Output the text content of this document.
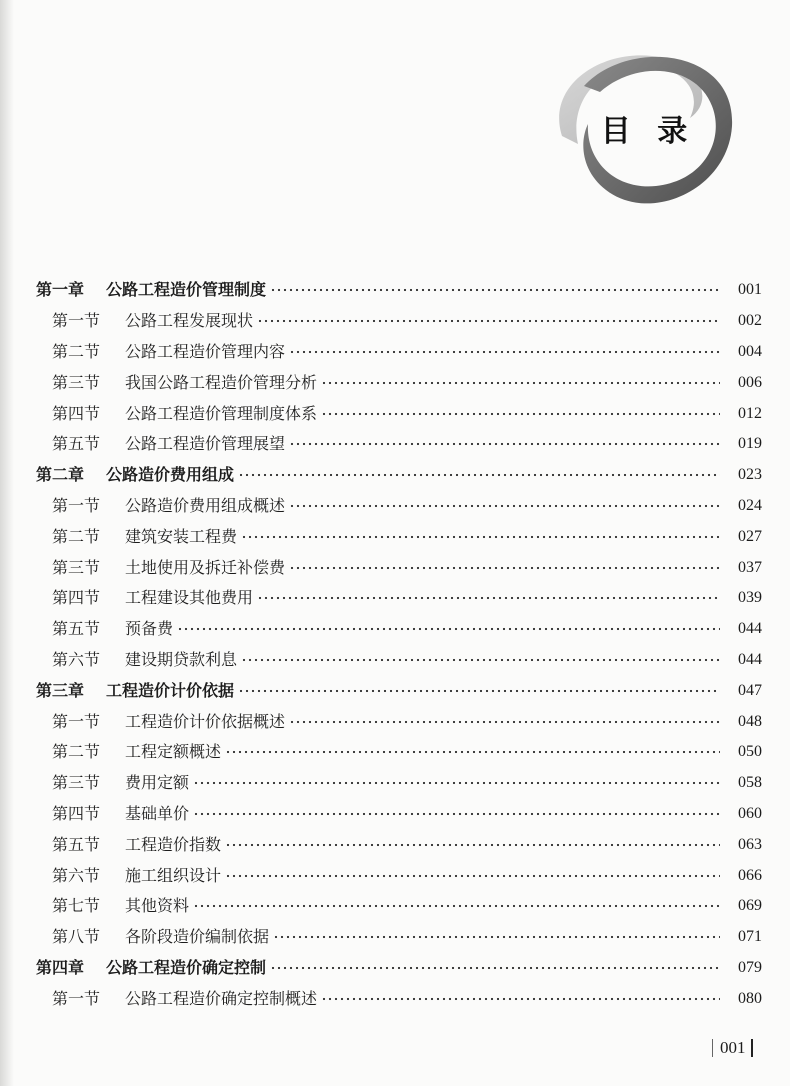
目 录
第一章	公路工程造价管理制度	001
第一节	公路工程发展现状	002
第二节	公路工程造价管理内容	004
第三节	我国公路工程造价管理分析	006
第四节	公路工程造价管理制度体系	012
第五节	公路工程造价管理展望	019
第二章	公路造价费用组成	023
第一节	公路造价费用组成概述	024
第二节	建筑安装工程费	027
第三节	土地使用及拆迁补偿费	037
第四节	工程建设其他费用	039
第五节	预备费	044
第六节	建设期贷款利息	044
第三章	工程造价计价依据	047
第一节	工程造价计价依据概述	048
第二节	工程定额概述	050
第三节	费用定额	058
第四节	基础单价	060
第五节	工程造价指数	063
第六节	施工组织设计	066
第七节	其他资料	069
第八节	各阶段造价编制依据	071
第四章	公路工程造价确定控制	079
第一节	公路工程造价确定控制概述	080
001
